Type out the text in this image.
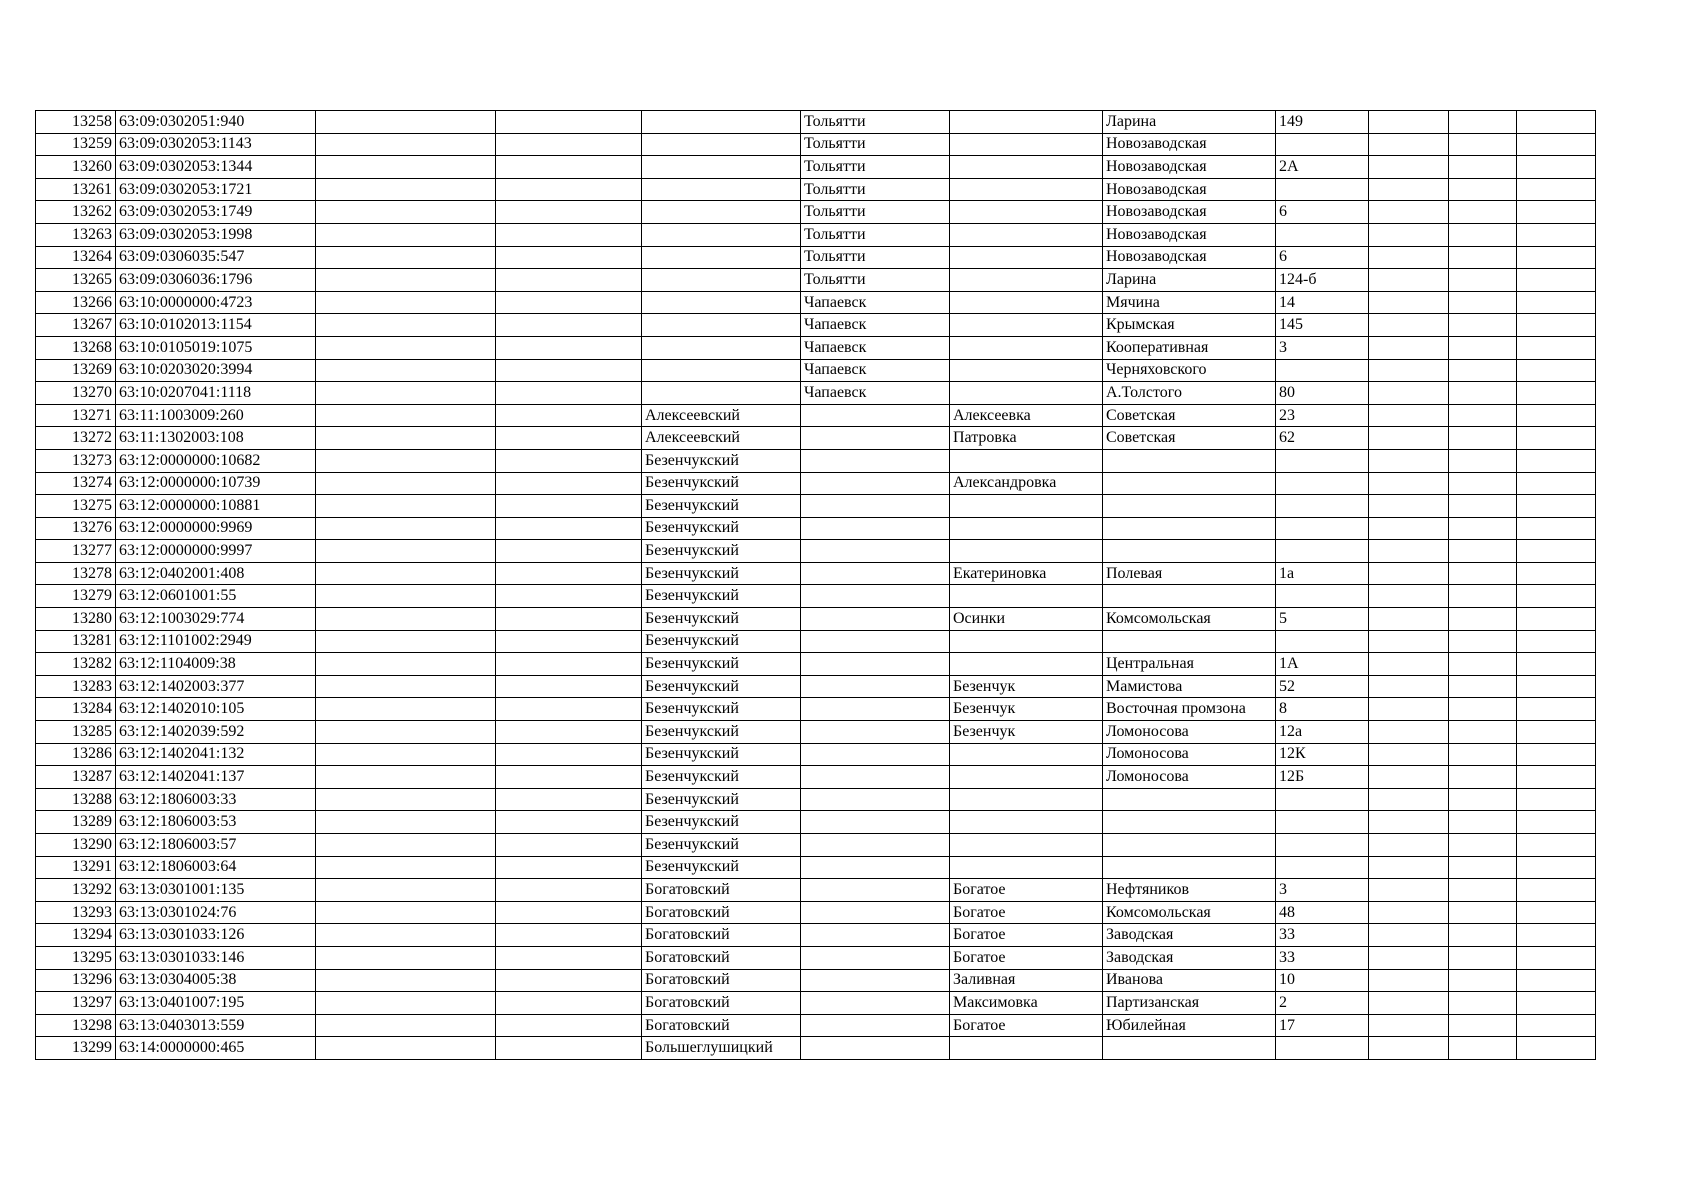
13258	63:09:0302051:940				Тольятти		Ларина	149			
13259	63:09:0302053:1143				Тольятти		Новозаводская				
13260	63:09:0302053:1344				Тольятти		Новозаводская	2А			
13261	63:09:0302053:1721				Тольятти		Новозаводская				
13262	63:09:0302053:1749				Тольятти		Новозаводская	6			
13263	63:09:0302053:1998				Тольятти		Новозаводская				
13264	63:09:0306035:547				Тольятти		Новозаводская	6			
13265	63:09:0306036:1796				Тольятти		Ларина	124-б			
13266	63:10:0000000:4723				Чапаевск		Мячина	14			
13267	63:10:0102013:1154				Чапаевск		Крымская	145			
13268	63:10:0105019:1075				Чапаевск		Кооперативная	3			
13269	63:10:0203020:3994				Чапаевск		Черняховского				
13270	63:10:0207041:1118				Чапаевск		А.Толстого	80			
13271	63:11:1003009:260			Алексеевский		Алексеевка	Советская	23			
13272	63:11:1302003:108			Алексеевский		Патровка	Советская	62			
13273	63:12:0000000:10682			Безенчукский							
13274	63:12:0000000:10739			Безенчукский		Александровка					
13275	63:12:0000000:10881			Безенчукский							
13276	63:12:0000000:9969			Безенчукский							
13277	63:12:0000000:9997			Безенчукский							
13278	63:12:0402001:408			Безенчукский		Екатериновка	Полевая	1а			
13279	63:12:0601001:55			Безенчукский							
13280	63:12:1003029:774			Безенчукский		Осинки	Комсомольская	5			
13281	63:12:1101002:2949			Безенчукский							
13282	63:12:1104009:38			Безенчукский			Центральная	1А			
13283	63:12:1402003:377			Безенчукский		Безенчук	Мамистова	52			
13284	63:12:1402010:105			Безенчукский		Безенчук	Восточная промзона	8			
13285	63:12:1402039:592			Безенчукский		Безенчук	Ломоносова	12а			
13286	63:12:1402041:132			Безенчукский			Ломоносова	12К			
13287	63:12:1402041:137			Безенчукский			Ломоносова	12Б			
13288	63:12:1806003:33			Безенчукский							
13289	63:12:1806003:53			Безенчукский							
13290	63:12:1806003:57			Безенчукский							
13291	63:12:1806003:64			Безенчукский							
13292	63:13:0301001:135			Богатовский		Богатое	Нефтяников	3			
13293	63:13:0301024:76			Богатовский		Богатое	Комсомольская	48			
13294	63:13:0301033:126			Богатовский		Богатое	Заводская	33			
13295	63:13:0301033:146			Богатовский		Богатое	Заводская	33			
13296	63:13:0304005:38			Богатовский		Заливная	Иванова	10			
13297	63:13:0401007:195			Богатовский		Максимовка	Партизанская	2			
13298	63:13:0403013:559			Богатовский		Богатое	Юбилейная	17			
13299	63:14:0000000:465			Большеглушицкий							
